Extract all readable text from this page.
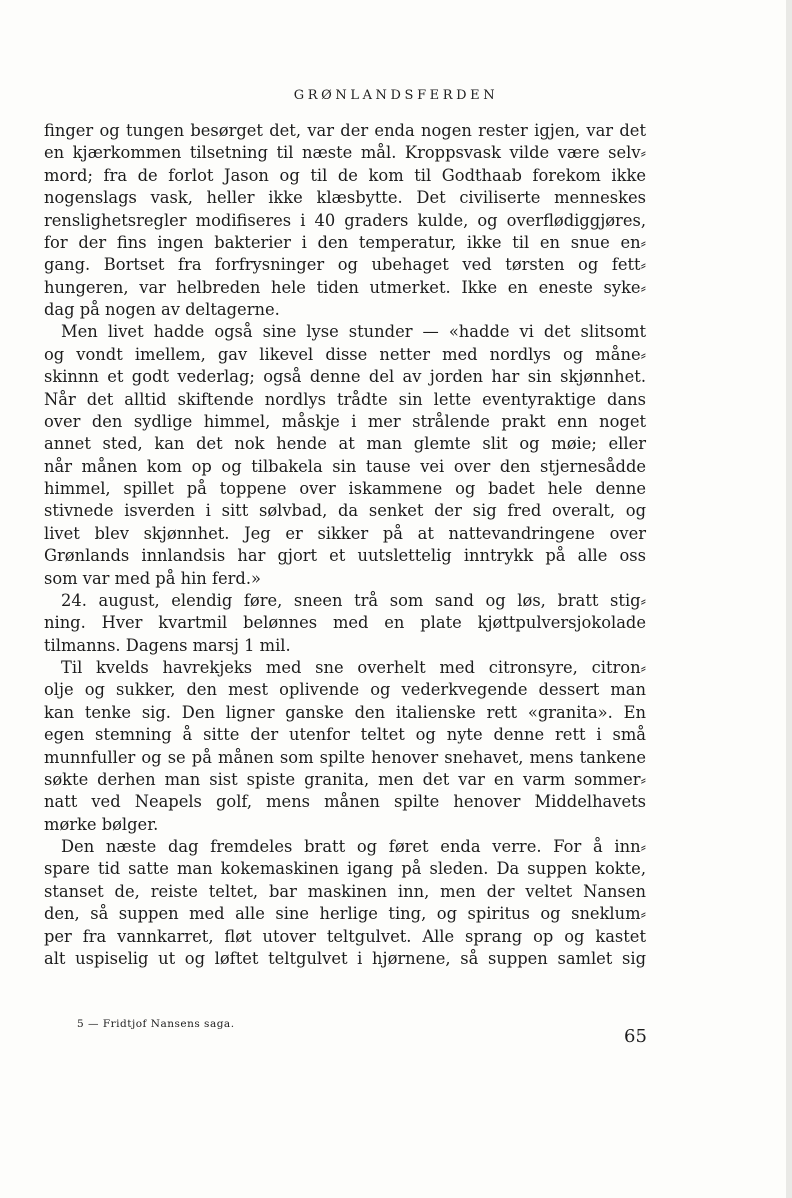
GRØNLANDSFERDEN
finger og tungen besørget det, var der enda nogen rester igjen, var det
en kjærkommen tilsetning til næste mål. Kroppsvask vilde være selv⸗
mord; fra de forlot Jason og til de kom til Godthaab forekom ikke
nogenslags vask, heller ikke klæsbytte. Det civiliserte menneskes
renslighetsregler modifiseres i 40 graders kulde, og overflødiggjøres,
for der fins ingen bakterier i den temperatur, ikke til en snue en⸗
gang. Bortset fra forfrysninger og ubehaget ved tørsten og fett⸗
hungeren, var helbreden hele tiden utmerket. Ikke en eneste syke⸗
dag på nogen av deltagerne.
Men livet hadde også sine lyse stunder — «hadde vi det slitsomt
og vondt imellem, gav likevel disse netter med nordlys og måne⸗
skinnn et godt vederlag; også denne del av jorden har sin skjønnhet.
Når det alltid skiftende nordlys trådte sin lette eventyraktige dans
over den sydlige himmel, måskje i mer strålende prakt enn noget
annet sted, kan det nok hende at man glemte slit og møie; eller
når månen kom op og tilbakela sin tause vei over den stjernesådde
himmel, spillet på toppene over iskammene og badet hele denne
stivnede isverden i sitt sølvbad, da senket der sig fred overalt, og
livet blev skjønnhet. Jeg er sikker på at nattevandringene over
Grønlands innlandsis har gjort et uutslettelig inntrykk på alle oss
som var med på hin ferd.»
24. august, elendig føre, sneen trå som sand og løs, bratt stig⸗
ning. Hver kvartmil belønnes med en plate kjøttpulversjokolade
tilmanns. Dagens marsj 1 mil.
Til kvelds havrekjeks med sne overhelt med citronsyre, citron⸗
olje og sukker, den mest oplivende og vederkvegende dessert man
kan tenke sig. Den ligner ganske den italienske rett «granita». En
egen stemning å sitte der utenfor teltet og nyte denne rett i små
munnfuller og se på månen som spilte henover snehavet, mens tankene
søkte derhen man sist spiste granita, men det var en varm sommer⸗
natt ved Neapels golf, mens månen spilte henover Middelhavets
mørke bølger.
Den næste dag fremdeles bratt og føret enda verre. For å inn⸗
spare tid satte man kokemaskinen igang på sleden. Da suppen kokte,
stanset de, reiste teltet, bar maskinen inn, men der veltet Nansen
den, så suppen med alle sine herlige ting, og spiritus og sneklum⸗
per fra vannkarret, fløt utover teltgulvet. Alle sprang op og kastet
alt uspiselig ut og løftet teltgulvet i hjørnene, så suppen samlet sig
5 — Fridtjof Nansens saga.
65
